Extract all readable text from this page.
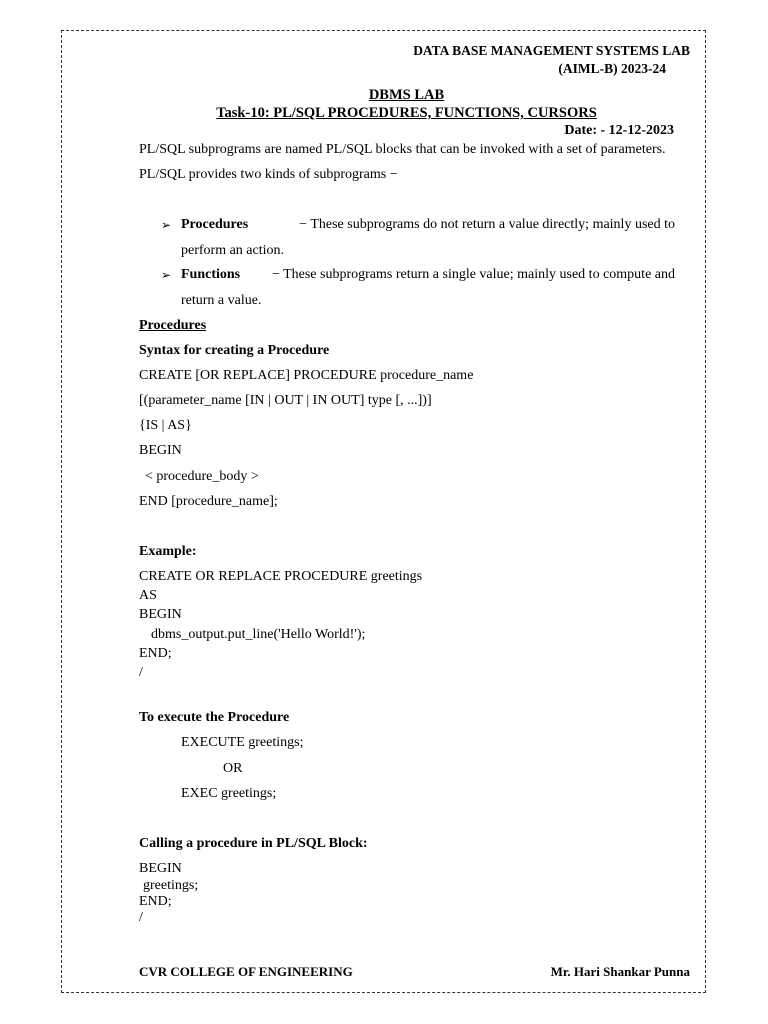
DATA BASE MANAGEMENT SYSTEMS LAB
(AIML-B) 2023-24
DBMS LAB
Task-10: PL/SQL PROCEDURES, FUNCTIONS, CURSORS
Date: - 12-12-2023
PL/SQL subprograms are named PL/SQL blocks that can be invoked with a set of parameters.
PL/SQL provides two kinds of subprograms −
➢ Procedures	− These subprograms do not return a value directly; mainly used to
perform an action.
➢ Functions − These subprograms return a single value; mainly used to compute and
return a value.
Procedures
Syntax for creating a Procedure
CREATE [OR REPLACE] PROCEDURE procedure_name
[(parameter_name [IN | OUT | IN OUT] type [, ...])]
{IS | AS}
BEGIN
< procedure_body >
END [procedure_name];
Example:
CREATE OR REPLACE PROCEDURE greetings
AS
BEGIN
dbms_output.put_line('Hello World!');
END;
/
To execute the Procedure
EXECUTE greetings;
OR
EXEC greetings;
Calling a procedure in PL/SQL Block:
BEGIN
greetings;
END;
/
CVR COLLEGE OF ENGINEERING	Mr. Hari Shankar Punna
